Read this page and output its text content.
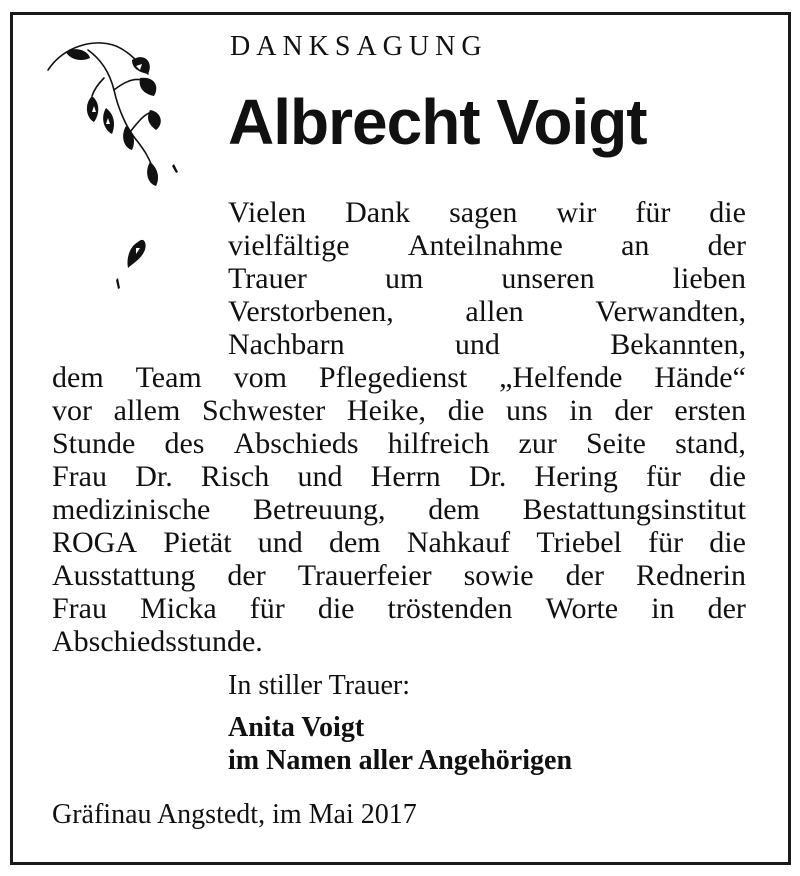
DANKSAGUNG
Albrecht Voigt
Vielen Dank sagen wir für die
vielfältige Anteilnahme an der
Trauer	um	unseren	lieben
Verstorbenen, allen Verwandten,
Nachbarn	und	Bekannten,
dem Team vom Pflegedienst „Helfende Hände“
vor allem Schwester Heike, die uns in der ersten
Stunde des Abschieds hilfreich zur Seite stand,
Frau Dr. Risch und Herrn Dr. Hering für die
medizinische Betreuung, dem Bestattungsinstitut
ROGA Pietät und dem Nahkauf Triebel für die
Ausstattung der Trauerfeier sowie der Rednerin
Frau Micka für die tröstenden Worte in der
Abschiedsstunde.

In stiller Trauer:

Anita Voigt
im Namen aller Angehörigen

Gräfinau Angstedt, im Mai 2017
